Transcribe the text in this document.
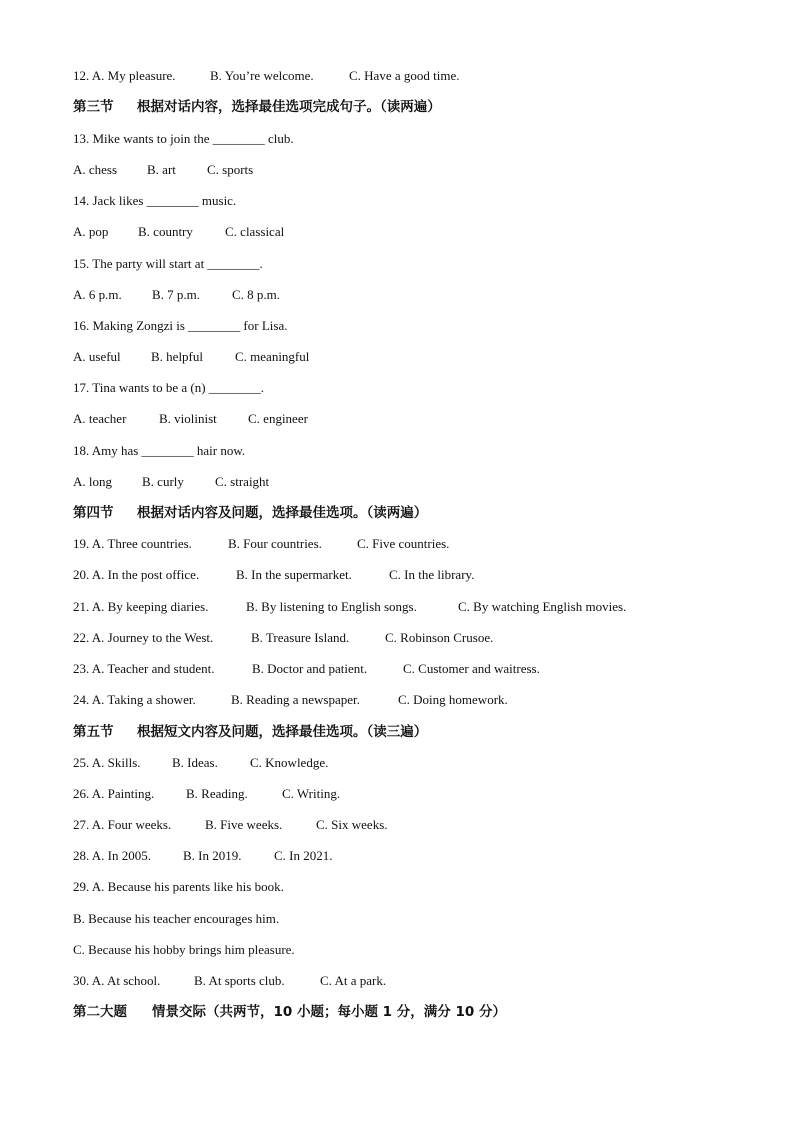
12. A. My pleasure.	B. You’re welcome.	C. Have a good time.
第三节 根据对话内容，选择最佳选项完成句子。（读两遍）
13. Mike wants to join the ________ club.
A. chess B. art C. sports
14. Jack likes ________ music.
A. pop B. country C. classical
15. The party will start at ________.
A. 6 p.m. B. 7 p.m. C. 8 p.m.
16. Making Zongzi is ________ for Lisa.
A. useful B. helpful C. meaningful
17. Tina wants to be a (n) ________.
A. teacher	B. violinist C. engineer
18. Amy has ________ hair now.
A. long B. curly C. straight
第四节 根据对话内容及问题，选择最佳选项。（读两遍）
19. A. Three countries.	B. Four countries.	C. Five countries.
20. A. In the post office.	B. In the supermarket.	C. In the library.
21. A. By keeping diaries.	B. By listening to English songs.	C. By watching English movies.
22. A. Journey to the West.	B. Treasure Island.	C. Robinson Crusoe.
23. A. Teacher and student.	B. Doctor and patient.	C. Customer and waitress.
24. A. Taking a shower.	B. Reading a newspaper.	C. Doing homework.
第五节 根据短文内容及问题，选择最佳选项。（读三遍）
25. A. Skills. B. Ideas. C. Knowledge.
26. A. Painting. B. Reading.	C. Writing.
27. A. Four weeks.	B. Five weeks.	C. Six weeks.
28. A. In 2005. B. In 2019.	C. In 2021.
29. A. Because his parents like his book.
B. Because his teacher encourages him.
C. Because his hobby brings him pleasure.
30. A. At school.	B. At sports club.	C. At a park.
第二大题 情景交际（共两节，10 小题；每小题 1 分，满分 10 分）
